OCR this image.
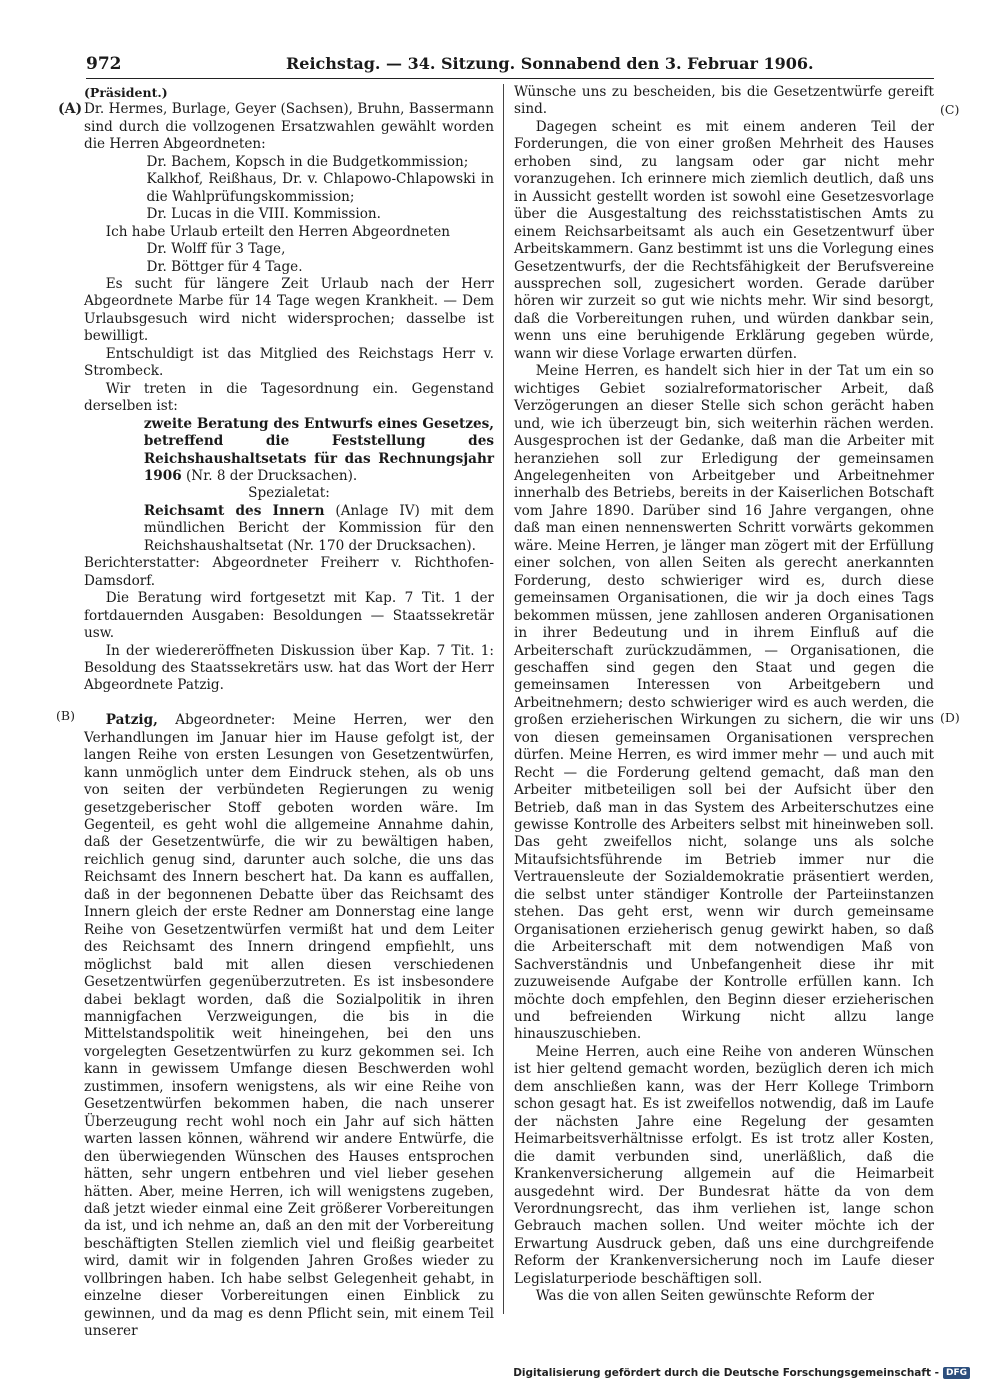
972	Reichstag. — 34. Sitzung. Sonnabend den 3. Februar 1906.
(A)
(B)
(C)
(D)

(Präsident.)

Dr. Hermes, Burlage, Geyer (Sachsen), Bruhn, Bassermann sind durch die vollzogenen Ersatzwahlen gewählt worden die Herren Abgeordneten:

Dr. Bachem, Kopsch in die Budgetkommission;

Kalkhof, Reißhaus, Dr. v. Chlapowo-Chlapowski in die Wahlprüfungskommission;

Dr. Lucas in die VIII. Kommission.

Ich habe Urlaub erteilt den Herren Abgeordneten

Dr. Wolff für 3 Tage,

Dr. Böttger für 4 Tage.

Es sucht für längere Zeit Urlaub nach der Herr Abgeordnete Marbe für 14 Tage wegen Krankheit. — Dem Urlaubsgesuch wird nicht widersprochen; dasselbe ist bewilligt.

Entschuldigt ist das Mitglied des Reichstags Herr v. Strombeck.

Wir treten in die Tagesordnung ein. Gegenstand derselben ist:

zweite Beratung des Entwurfs eines Gesetzes, betreffend die Feststellung des Reichshaushaltsetats für das Rechnungsjahr 1906 (Nr. 8 der Drucksachen).

Spezialetat:

Reichsamt des Innern (Anlage IV) mit dem mündlichen Bericht der Kommission für den Reichshaushaltsetat (Nr. 170 der Drucksachen).

Berichterstatter: Abgeordneter Freiherr v. Richthofen-Damsdorf.

Die Beratung wird fortgesetzt mit Kap. 7 Tit. 1 der fortdauernden Ausgaben: Besoldungen — Staatssekretär usw.

In der wiedereröffneten Diskussion über Kap. 7 Tit. 1: Besoldung des Staatssekretärs usw. hat das Wort der Herr Abgeordnete Patzig.

Patzig, Abgeordneter: Meine Herren, wer den Verhandlungen im Januar hier im Hause gefolgt ist, der langen Reihe von ersten Lesungen von Gesetzentwürfen, kann unmöglich unter dem Eindruck stehen, als ob uns von seiten der verbündeten Regierungen zu wenig gesetzgeberischer Stoff geboten worden wäre. Im Gegenteil, es geht wohl die allgemeine Annahme dahin, daß der Gesetzentwürfe, die wir zu bewältigen haben, reichlich genug sind, darunter auch solche, die uns das Reichsamt des Innern beschert hat. Da kann es auffallen, daß in der begonnenen Debatte über das Reichsamt des Innern gleich der erste Redner am Donnerstag eine lange Reihe von Gesetzentwürfen vermißt hat und dem Leiter des Reichsamt des Innern dringend empfiehlt, uns möglichst bald mit allen diesen verschiedenen Gesetzentwürfen gegenüberzutreten. Es ist insbesondere dabei beklagt worden, daß die Sozialpolitik in ihren mannigfachen Verzweigungen, die bis in die Mittelstandspolitik weit hineingehen, bei den uns vorgelegten Gesetzentwürfen zu kurz gekommen sei. Ich kann in gewissem Umfange diesen Beschwerden wohl zustimmen, insofern wenigstens, als wir eine Reihe von Gesetzentwürfen bekommen haben, die nach unserer Überzeugung recht wohl noch ein Jahr auf sich hätten warten lassen können, während wir andere Entwürfe, die den überwiegenden Wünschen des Hauses entsprochen hätten, sehr ungern entbehren und viel lieber gesehen hätten. Aber, meine Herren, ich will wenigstens zugeben, daß jetzt wieder einmal eine Zeit größerer Vorbereitungen da ist, und ich nehme an, daß an den mit der Vorbereitung beschäftigten Stellen ziemlich viel und fleißig gearbeitet wird, damit wir in folgenden Jahren Großes wieder zu vollbringen haben. Ich habe selbst Gelegenheit gehabt, in einzelne dieser Vorbereitungen einen Einblick zu gewinnen, und da mag es denn Pflicht sein, mit einem Teil unserer

Wünsche uns zu bescheiden, bis die Gesetzentwürfe gereift sind.

Dagegen scheint es mit einem anderen Teil der Forderungen, die von einer großen Mehrheit des Hauses erhoben sind, zu langsam oder gar nicht mehr voranzugehen. Ich erinnere mich ziemlich deutlich, daß uns in Aussicht gestellt worden ist sowohl eine Gesetzesvorlage über die Ausgestaltung des reichsstatistischen Amts zu einem Reichsarbeitsamt als auch ein Gesetzentwurf über Arbeitskammern. Ganz bestimmt ist uns die Vorlegung eines Gesetzentwurfs, der die Rechtsfähigkeit der Berufsvereine aussprechen soll, zugesichert worden. Gerade darüber hören wir zurzeit so gut wie nichts mehr. Wir sind besorgt, daß die Vorbereitungen ruhen, und würden dankbar sein, wenn uns eine beruhigende Erklärung gegeben würde, wann wir diese Vorlage erwarten dürfen.

Meine Herren, es handelt sich hier in der Tat um ein so wichtiges Gebiet sozialreformatorischer Arbeit, daß Verzögerungen an dieser Stelle sich schon gerächt haben und, wie ich überzeugt bin, sich weiterhin rächen werden. Ausgesprochen ist der Gedanke, daß man die Arbeiter mit heranziehen soll zur Erledigung der gemeinsamen Angelegenheiten von Arbeitgeber und Arbeitnehmer innerhalb des Betriebs, bereits in der Kaiserlichen Botschaft vom Jahre 1890. Darüber sind 16 Jahre vergangen, ohne daß man einen nennenswerten Schritt vorwärts gekommen wäre. Meine Herren, je länger man zögert mit der Erfüllung einer solchen, von allen Seiten als gerecht anerkannten Forderung, desto schwieriger wird es, durch diese gemeinsamen Organisationen, die wir ja doch eines Tags bekommen müssen, jene zahllosen anderen Organisationen in ihrer Bedeutung und in ihrem Einfluß auf die Arbeiterschaft zurückzudämmen, — Organisationen, die geschaffen sind gegen den Staat und gegen die gemeinsamen Interessen von Arbeitgebern und Arbeitnehmern; desto schwieriger wird es auch werden, die großen erzieherischen Wirkungen zu sichern, die wir uns von diesen gemeinsamen Organisationen versprechen dürfen. Meine Herren, es wird immer mehr — und auch mit Recht — die Forderung geltend gemacht, daß man den Arbeiter mitbeteiligen soll bei der Aufsicht über den Betrieb, daß man in das System des Arbeiterschutzes eine gewisse Kontrolle des Arbeiters selbst mit hineinweben soll. Das geht zweifellos nicht, solange uns als solche Mitaufsichtsführende im Betrieb immer nur die Vertrauensleute der Sozialdemokratie präsentiert werden, die selbst unter ständiger Kontrolle der Parteiinstanzen stehen. Das geht erst, wenn wir durch gemeinsame Organisationen erzieherisch genug gewirkt haben, so daß die Arbeiterschaft mit dem notwendigen Maß von Sachverständnis und Unbefangenheit diese ihr mit zuzuweisende Aufgabe der Kontrolle erfüllen kann. Ich möchte doch empfehlen, den Beginn dieser erzieherischen und befreienden Wirkung nicht allzu lange hinauszuschieben.

Meine Herren, auch eine Reihe von anderen Wünschen ist hier geltend gemacht worden, bezüglich deren ich mich dem anschließen kann, was der Herr Kollege Trimborn schon gesagt hat. Es ist zweifellos notwendig, daß im Laufe der nächsten Jahre eine Regelung der gesamten Heimarbeitsverhältnisse erfolgt. Es ist trotz aller Kosten, die damit verbunden sind, unerläßlich, daß die Krankenversicherung allgemein auf die Heimarbeit ausgedehnt wird. Der Bundesrat hätte da von dem Verordnungsrecht, das ihm verliehen ist, lange schon Gebrauch machen sollen. Und weiter möchte ich der Erwartung Ausdruck geben, daß uns eine durchgreifende Reform der Krankenversicherung noch im Laufe dieser Legislaturperiode beschäftigen soll.

Was die von allen Seiten gewünschte Reform der

Digitalisierung gefördert durch die Deutsche Forschungsgemeinschaft - DFG
